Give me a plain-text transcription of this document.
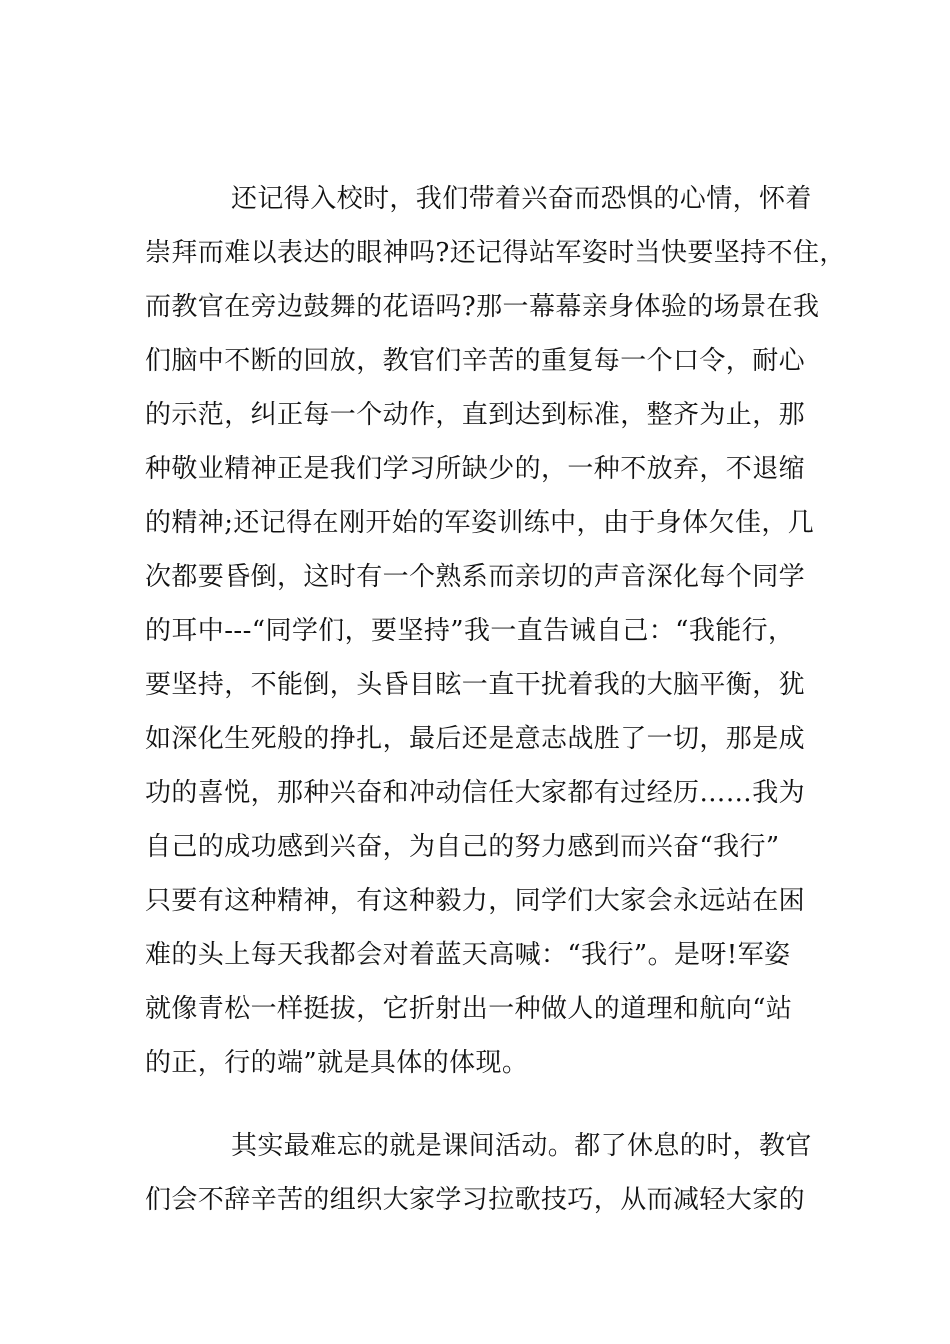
还记得入校时，我们带着兴奋而恐惧的心情，怀着
崇拜而难以表达的眼神吗?还记得站军姿时当快要坚持不住，
而教官在旁边鼓舞的花语吗?那一幕幕亲身体验的场景在我
们脑中不断的回放，教官们辛苦的重复每一个口令，耐心
的示范，纠正每一个动作，直到达到标准，整齐为止，那
种敬业精神正是我们学习所缺少的，一种不放弃，不退缩
的精神;还记得在刚开始的军姿训练中，由于身体欠佳，几
次都要昏倒，这时有一个熟系而亲切的声音深化每个同学
的耳中---“同学们，要坚持”我一直告诫自己：“我能行，
要坚持，不能倒，头昏目眩一直干扰着我的大脑平衡，犹
如深化生死般的挣扎，最后还是意志战胜了一切，那是成
功的喜悦，那种兴奋和冲动信任大家都有过经历……我为
自己的成功感到兴奋，为自己的努力感到而兴奋“我行”
只要有这种精神，有这种毅力，同学们大家会永远站在困
难的头上每天我都会对着蓝天高喊：“我行”。是呀!军姿
就像青松一样挺拔，它折射出一种做人的道理和航向“站
的正，行的端”就是具体的体现。
其实最难忘的就是课间活动。都了休息的时，教官
们会不辞辛苦的组织大家学习拉歌技巧，从而减轻大家的
